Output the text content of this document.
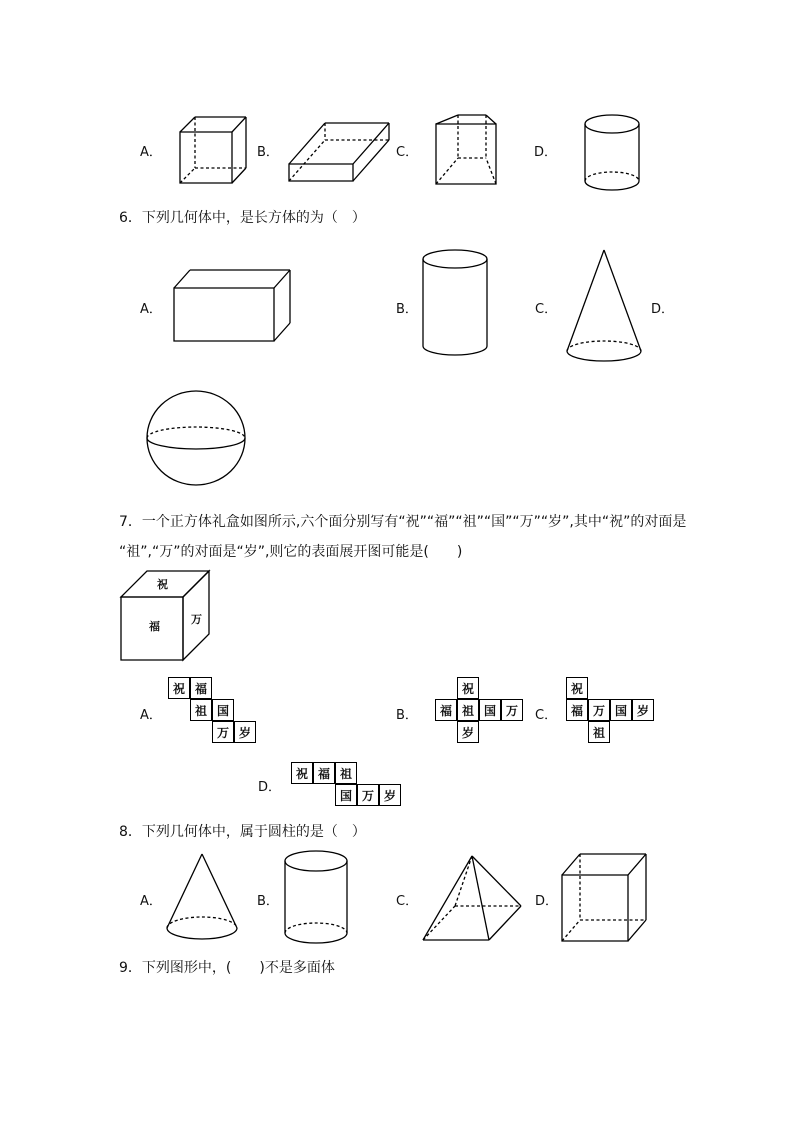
A．	B．	C．	D．
6．下列几何体中，是长方体的为（　）
A．	B．	C．	D．
7．一个正方体礼盒如图所示,六个面分别写有“祝”“福”“祖”“国”“万”“岁”,其中“祝”的对面是
“祖”,“万”的对面是“岁”,则它的表面展开图可能是(　　)
祝
福
万
A．
祝 福
祖 国
万 岁
B．
祝
福 祖 国 万
岁
C．
祝
福 万 国 岁
祖
D．
祝 福 祖
国 万 岁
8．下列几何体中，属于圆柱的是（　）
A．	B．	C．	D．
9．下列图形中，(　　)不是多面体
